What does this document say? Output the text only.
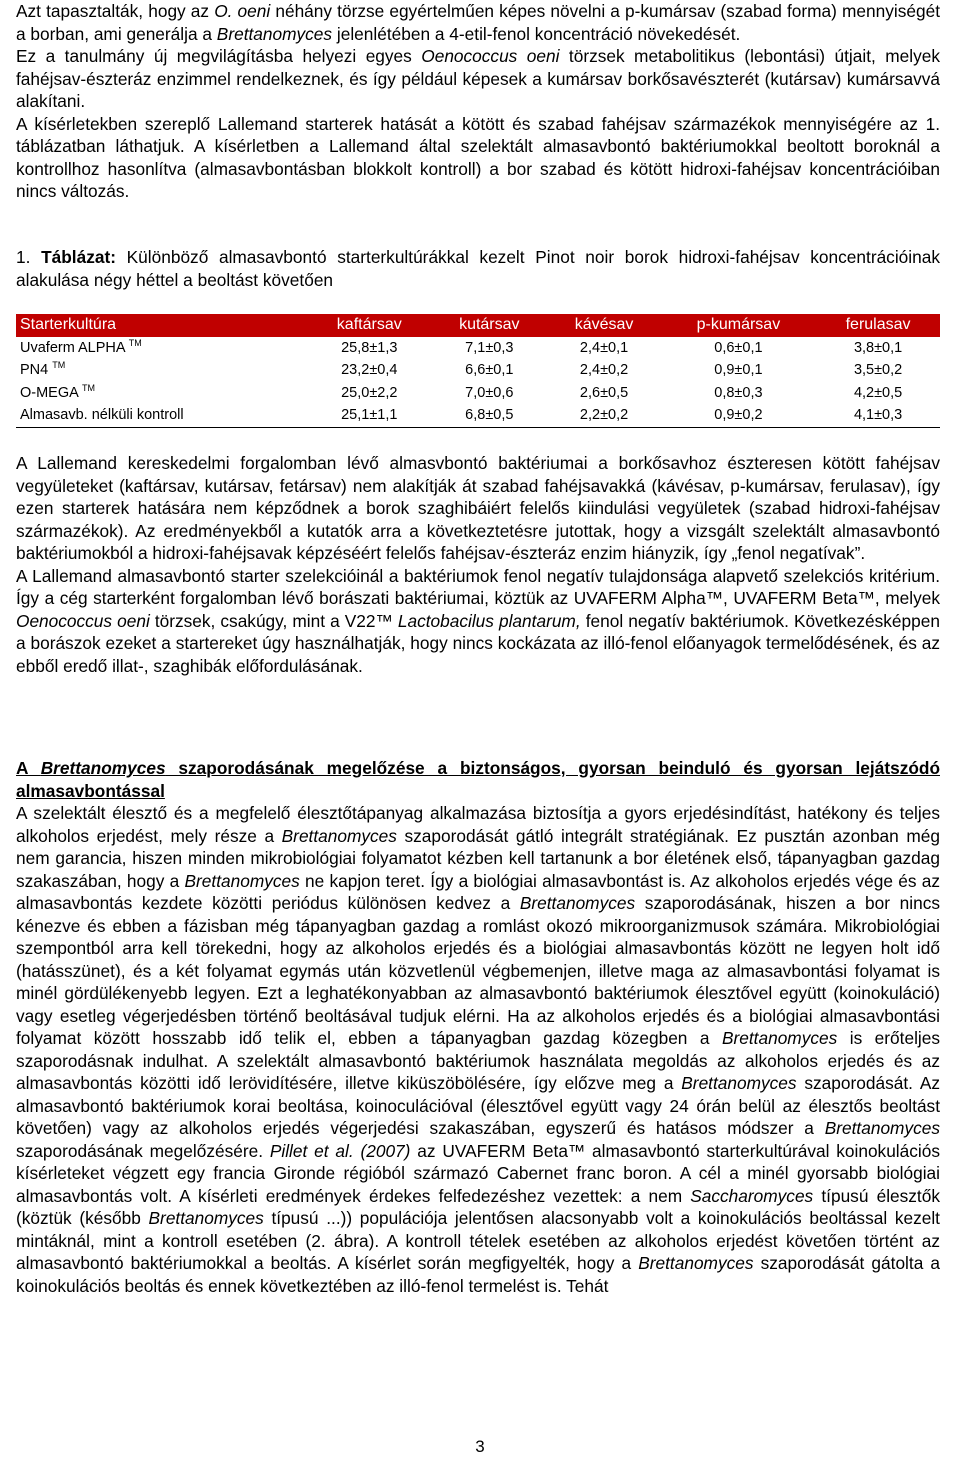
Azt tapasztalták, hogy az O. oeni néhány törzse egyértelműen képes növelni a p-kumársav (szabad forma) mennyiségét a borban, ami generálja a Brettanomyces jelenlétében a 4-etil-fenol koncentráció növekedését.

Ez a tanulmány új megvilágításba helyezi egyes Oenococcus oeni törzsek metabolitikus (lebontási) útjait, melyek fahéjsav-észteráz enzimmel rendelkeznek, és így például képesek a kumársav borkősavészterét (kutársav) kumársavvá alakítani.

A kísérletekben szereplő Lallemand starterek hatását a kötött és szabad fahéjsav származékok mennyiségére az 1. táblázatban láthatjuk. A kísérletben a Lallemand által szelektált almasavbontó baktériumokkal beoltott boroknál a kontrollhoz hasonlítva (almasavbontásban blokkolt kontroll) a bor szabad és kötött hidroxi-fahéjsav koncentrációiban nincs változás.

1. Táblázat: Különböző almasavbontó starterkultúrákkal kezelt Pinot noir borok hidroxi-fahéjsav koncentrációinak alakulása négy héttel a beoltást követően

Starterkultúra	kaftársav	kutársav	kávésav	p-kumársav	ferulasav
Uvaferm ALPHA ™	25,8±1,3	7,1±0,3	2,4±0,1	0,6±0,1	3,8±0,1
PN4 ™	23,2±0,4	6,6±0,1	2,4±0,2	0,9±0,1	3,5±0,2
O-MEGA ™	25,0±2,2	7,0±0,6	2,6±0,5	0,8±0,3	4,2±0,5
Almasavb. nélküli kontroll	25,1±1,1	6,8±0,5	2,2±0,2	0,9±0,2	4,1±0,3

A Lallemand kereskedelmi forgalomban lévő almasvbontó baktériumai a borkősavhoz észteresen kötött fahéjsav vegyületeket (kaftársav, kutársav, fetársav) nem alakítják át szabad fahéjsavakká (kávésav, p-kumársav, ferulasav), így ezen starterek hatására nem képződnek a borok szaghibáiért felelős kiindulási vegyületek (szabad hidroxi-fahéjsav származékok). Az eredményekből a kutatók arra a következtetésre jutottak, hogy a vizsgált szelektált almasavbontó baktériumokból a hidroxi-fahéjsavak képzéséért felelős fahéjsav-észteráz enzim hiányzik, így „fenol negatívak”.

A Lallemand almasavbontó starter szelekcióinál a baktériumok fenol negatív tulajdonsága alapvető szelekciós kritérium. Így a cég starterként forgalomban lévő borászati baktériumai, köztük az UVAFERM Alpha™, UVAFERM Beta™, melyek Oenococcus oeni törzsek, csakúgy, mint a V22™ Lactobacilus plantarum, fenol negatív baktériumok. Következésképpen a borászok ezeket a startereket úgy használhatják, hogy nincs kockázata az illó-fenol előanyagok termelődésének, és az ebből eredő illat-, szaghibák előfordulásának.

A Brettanomyces szaporodásának megelőzése a biztonságos, gyorsan beinduló és gyorsan lejátszódó almasavbontással

A szelektált élesztő és a megfelelő élesztőtápanyag alkalmazása biztosítja a gyors erjedésindítást, hatékony és teljes alkoholos erjedést, mely része a Brettanomyces szaporodását gátló integrált stratégiának. Ez pusztán azonban még nem garancia, hiszen minden mikrobiológiai folyamatot kézben kell tartanunk a bor életének első, tápanyagban gazdag szakaszában, hogy a Brettanomyces ne kapjon teret. Így a biológiai almasavbontást is. Az alkoholos erjedés vége és az almasavbontás kezdete közötti periódus különösen kedvez a Brettanomyces szaporodásának, hiszen a bor nincs kénezve és ebben a fázisban még tápanyagban gazdag a romlást okozó mikroorganizmusok számára. Mikrobiológiai szempontból arra kell törekedni, hogy az alkoholos erjedés és a biológiai almasavbontás között ne legyen holt idő (hatásszünet), és a két folyamat egymás után közvetlenül végbemenjen, illetve maga az almasavbontási folyamat is minél gördülékenyebb legyen. Ezt a leghatékonyabban az almasavbontó baktériumok élesztővel együtt (koinokuláció) vagy esetleg végerjedésben történő beoltásával tudjuk elérni. Ha az alkoholos erjedés és a biológiai almasavbontási folyamat között hosszabb idő telik el, ebben a tápanyagban gazdag közegben a Brettanomyces is erőteljes szaporodásnak indulhat. A szelektált almasavbontó baktériumok használata megoldás az alkoholos erjedés és az almasavbontás közötti idő lerövidítésére, illetve kiküszöbölésére, így előzve meg a Brettanomyces szaporodását. Az almasavbontó baktériumok korai beoltása, koinoculációval (élesztővel együtt vagy 24 órán belül az élesztős beoltást követően) vagy az alkoholos erjedés végerjedési szakaszában, egyszerű és hatásos módszer a Brettanomyces szaporodásának megelőzésére. Pillet et al. (2007) az UVAFERM Beta™ almasavbontó starterkultúrával koinokulációs kísérleteket végzett egy francia Gironde régióból származó Cabernet franc boron. A cél a minél gyorsabb biológiai almasavbontás volt. A kísérleti eredmények érdekes felfedezéshez vezettek: a nem Saccharomyces típusú élesztők (köztük (később Brettanomyces típusú ...)) populációja jelentősen alacsonyabb volt a koinokulációs beoltással kezelt mintáknál, mint a kontroll esetében (2. ábra). A kontroll tételek esetében az alkoholos erjedést követően történt az almasavbontó baktériumokkal a beoltás. A kísérlet során megfigyelték, hogy a Brettanomyces szaporodását gátolta a koinokulációs beoltás és ennek következtében az illó-fenol termelést is. Tehát

3
